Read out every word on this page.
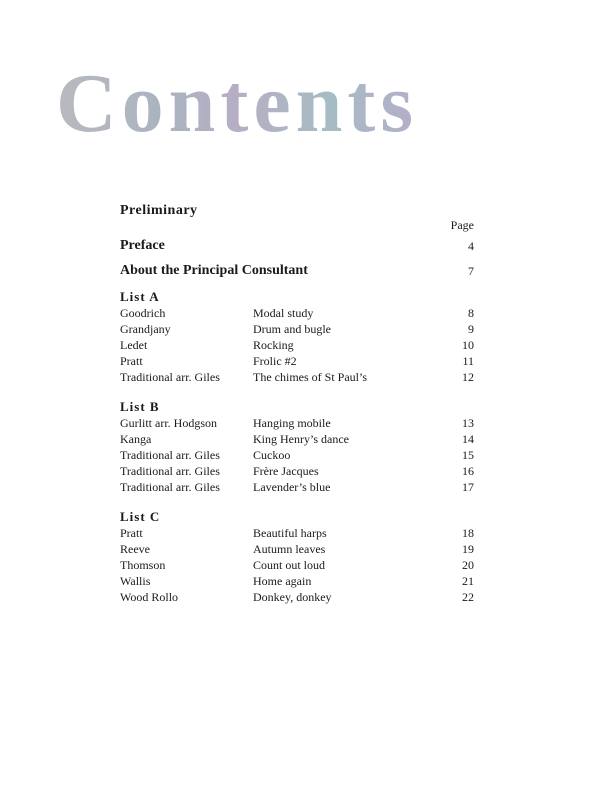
Contents
Preliminary
Page
Preface	4
About the Principal Consultant	7
List A
Goodrich	Modal study	8
Grandjany	Drum and bugle	9
Ledet	Rocking	10
Pratt	Frolic #2	11
Traditional arr. Giles	The chimes of St Paul’s	12
List B
Gurlitt arr. Hodgson	Hanging mobile	13
Kanga	King Henry’s dance	14
Traditional arr. Giles	Cuckoo	15
Traditional arr. Giles	Frère Jacques	16
Traditional arr. Giles	Lavender’s blue	17
List C
Pratt	Beautiful harps	18
Reeve	Autumn leaves	19
Thomson	Count out loud	20
Wallis	Home again	21
Wood Rollo	Donkey, donkey	22
